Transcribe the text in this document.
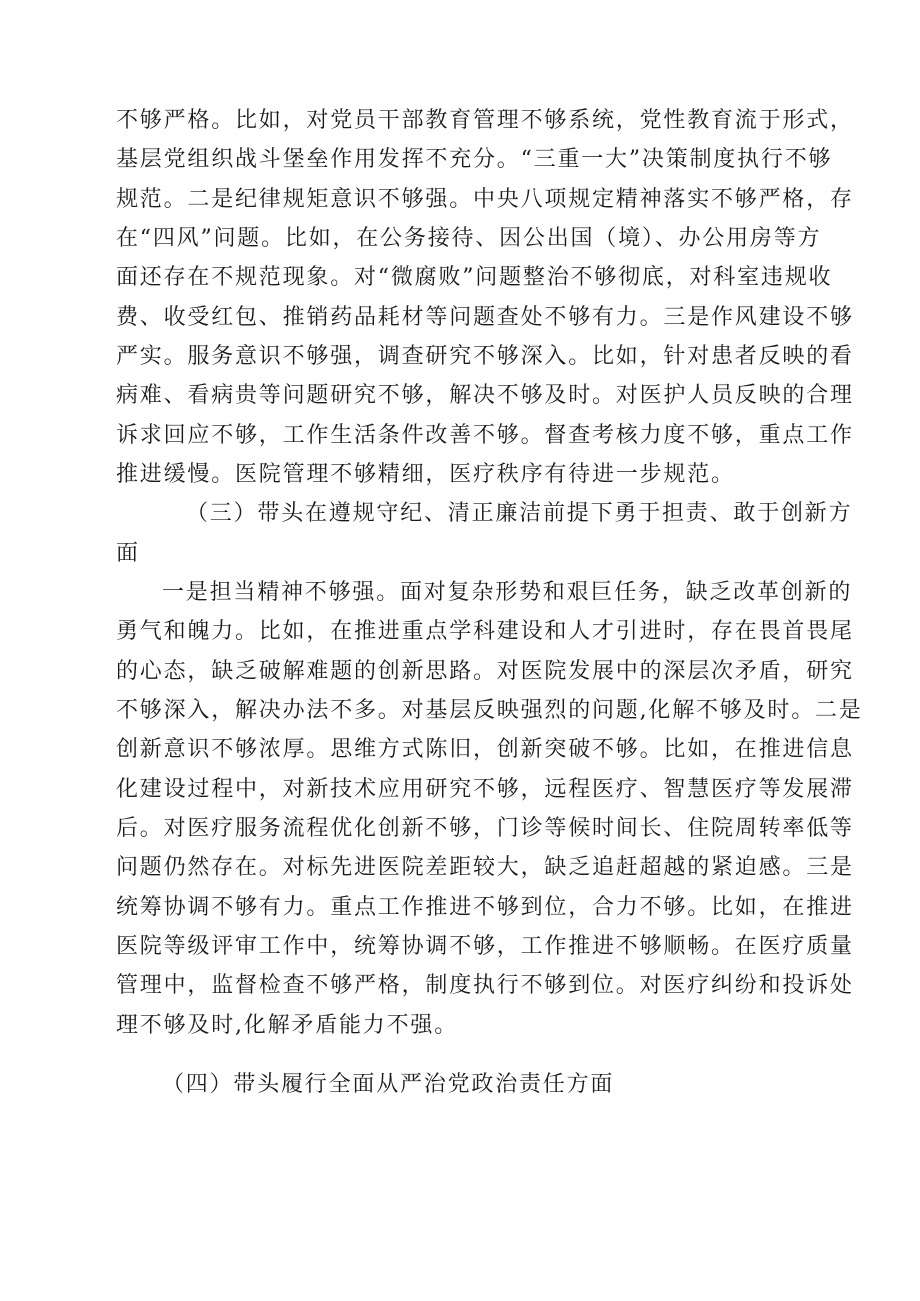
不够严格。比如，对党员干部教育管理不够系统，党性教育流于形式，
基层党组织战斗堡垒作用发挥不充分。“三重一大”决策制度执行不够
规范。二是纪律规矩意识不够强。中央八项规定精神落实不够严格，存
在“四风”问题。比如，在公务接待、因公出国（境）、办公用房等方
面还存在不规范现象。对“微腐败”问题整治不够彻底，对科室违规收
费、收受红包、推销药品耗材等问题查处不够有力。三是作风建设不够
严实。服务意识不够强，调查研究不够深入。比如，针对患者反映的看
病难、看病贵等问题研究不够，解决不够及时。对医护人员反映的合理
诉求回应不够，工作生活条件改善不够。督查考核力度不够，重点工作
推进缓慢。医院管理不够精细，医疗秩序有待进一步规范。
（三）带头在遵规守纪、清正廉洁前提下勇于担责、敢于创新方
面
一是担当精神不够强。面对复杂形势和艰巨任务，缺乏改革创新的
勇气和魄力。比如，在推进重点学科建设和人才引进时，存在畏首畏尾
的心态，缺乏破解难题的创新思路。对医院发展中的深层次矛盾，研究
不够深入，解决办法不多。对基层反映强烈的问题,化解不够及时。二是
创新意识不够浓厚。思维方式陈旧，创新突破不够。比如，在推进信息
化建设过程中，对新技术应用研究不够，远程医疗、智慧医疗等发展滞
后。对医疗服务流程优化创新不够，门诊等候时间长、住院周转率低等
问题仍然存在。对标先进医院差距较大，缺乏追赶超越的紧迫感。三是
统筹协调不够有力。重点工作推进不够到位，合力不够。比如，在推进
医院等级评审工作中，统筹协调不够，工作推进不够顺畅。在医疗质量
管理中，监督检查不够严格，制度执行不够到位。对医疗纠纷和投诉处
理不够及时,化解矛盾能力不强。
（四）带头履行全面从严治党政治责任方面
